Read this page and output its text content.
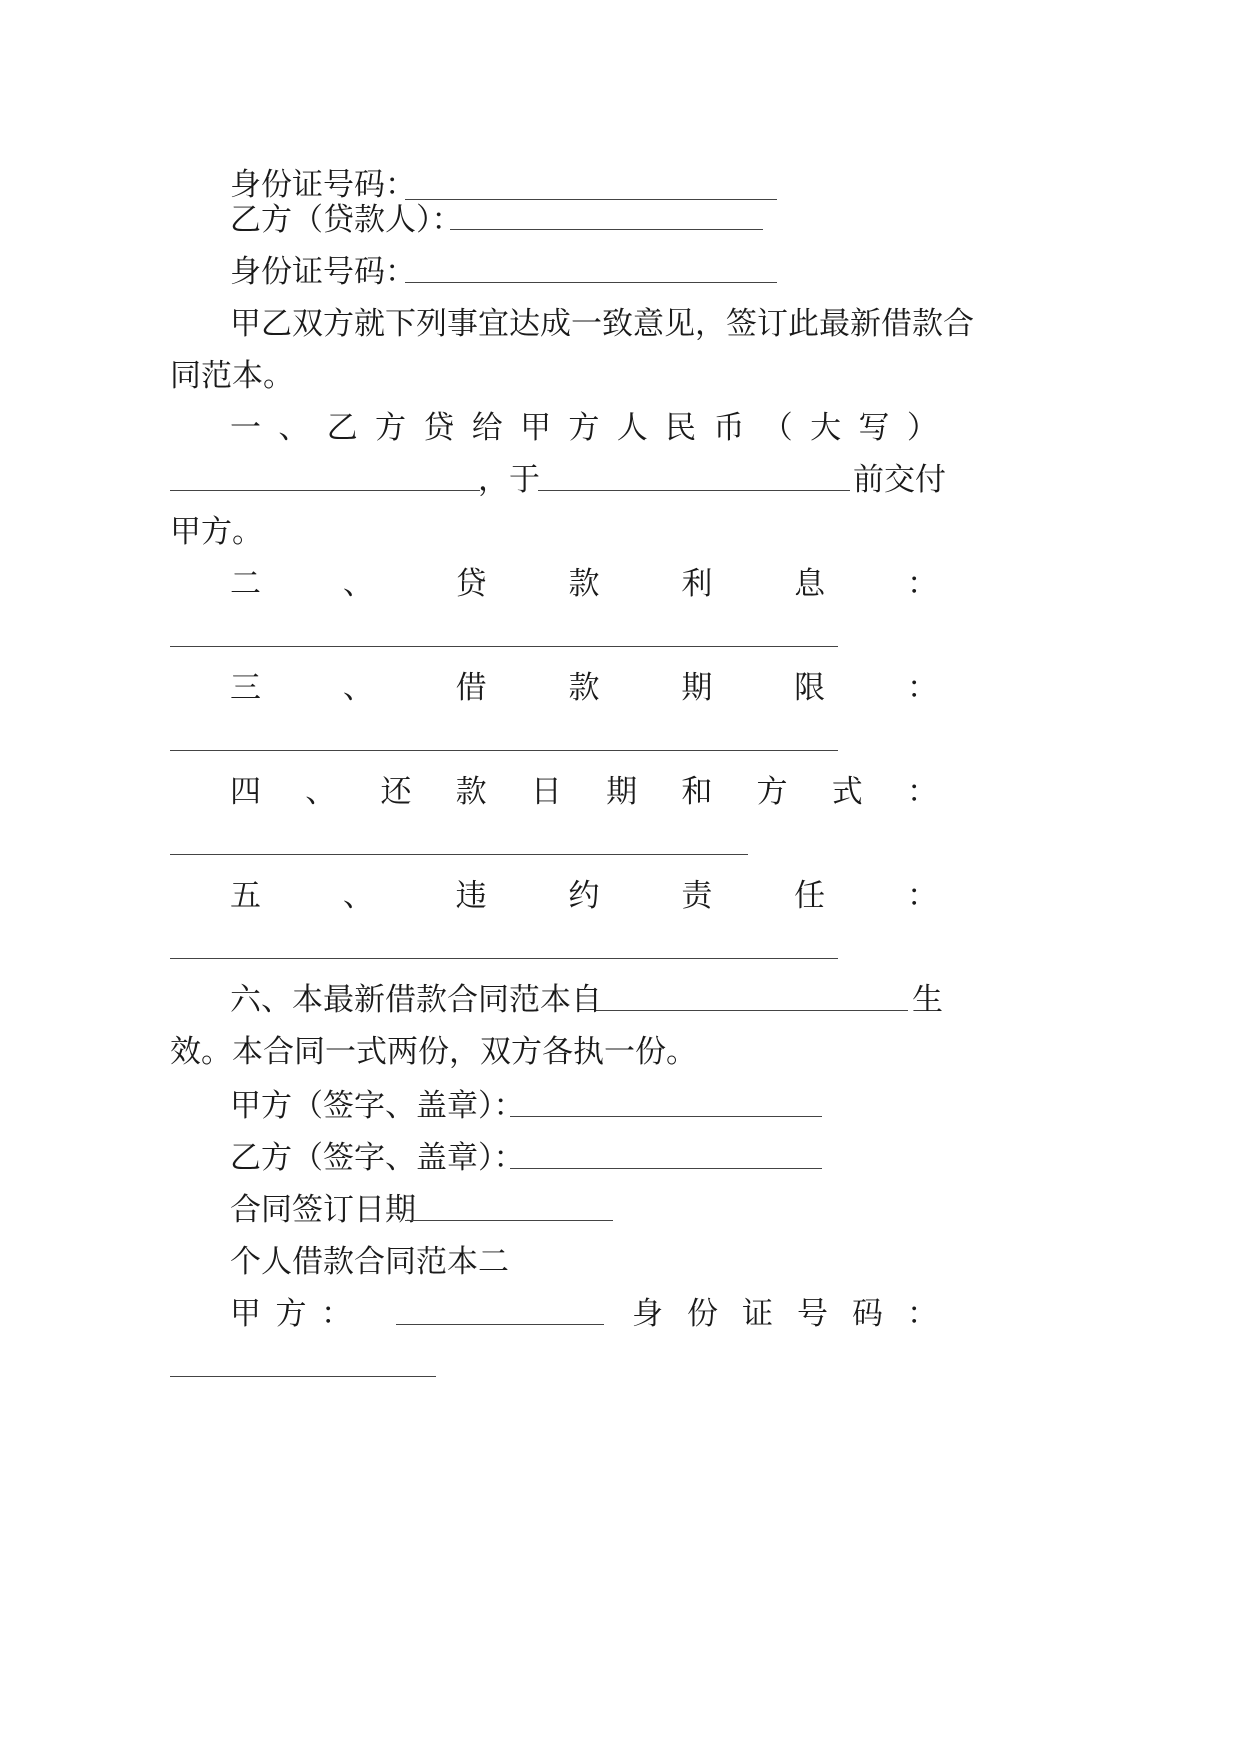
身份证号码：
乙方（贷款人）：
身份证号码：
甲乙双方就下列事宜达成一致意见，签订此最新借款合
同范本。
一 、 乙 方 贷 给 甲 方 人 民 币 （ 大 写 ）
，于	前交付
甲方。
二	、	贷	款	利	息	：
三	、	借	款	期	限	：
四 、 还 款 日 期 和 方 式 ：
五	、	违	约	责	任	：
六、本最新借款合同范本自	生
效。本合同一式两份，双方各执一份。
甲方（签字、盖章）：
乙方（签字、盖章）：
合同签订日期
个人借款合同范本二
甲 方 ：	身 份 证 号 码 ：
